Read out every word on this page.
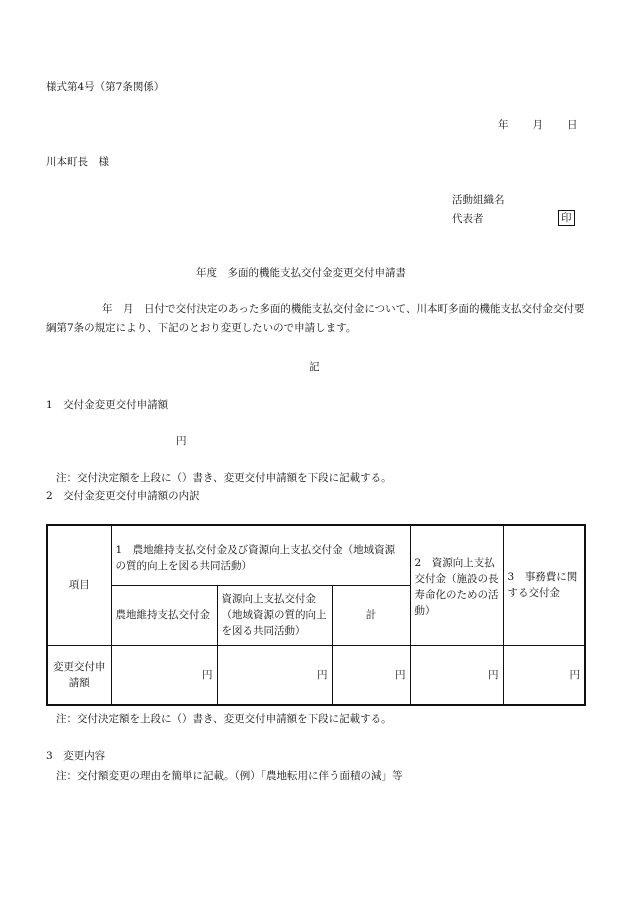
様式第4号（第7条関係）
年　　月　　日
川本町長　様
活動組織名
代表者	印
年度　多面的機能支払交付金変更交付申請書
年　月　日付で交付決定のあった多面的機能支払交付金について、川本町多面的機能支払交付金交付要綱第7条の規定により、下記のとおり変更したいので申請します。
記
1　交付金変更交付申請額
円
注：交付決定額を上段に（）書き、変更交付申請額を下段に記載する。
2　交付金変更交付申請額の内訳
項目	1　農地維持支払交付金及び資源向上支払交付金（地域資源の質的向上を図る共同活動）			2　資源向上支払交付金（施設の長寿命化のための活動）	3　事務費に関する交付金
	農地維持支払交付金	資源向上支払交付金（地域資源の質的向上を図る共同活動）	計		
変更交付申請額	円	円	円	円	円
注：交付決定額を上段に（）書き、変更交付申請額を下段に記載する。
3　変更内容
注：交付額変更の理由を簡単に記載。（例）「農地転用に伴う面積の減」等
